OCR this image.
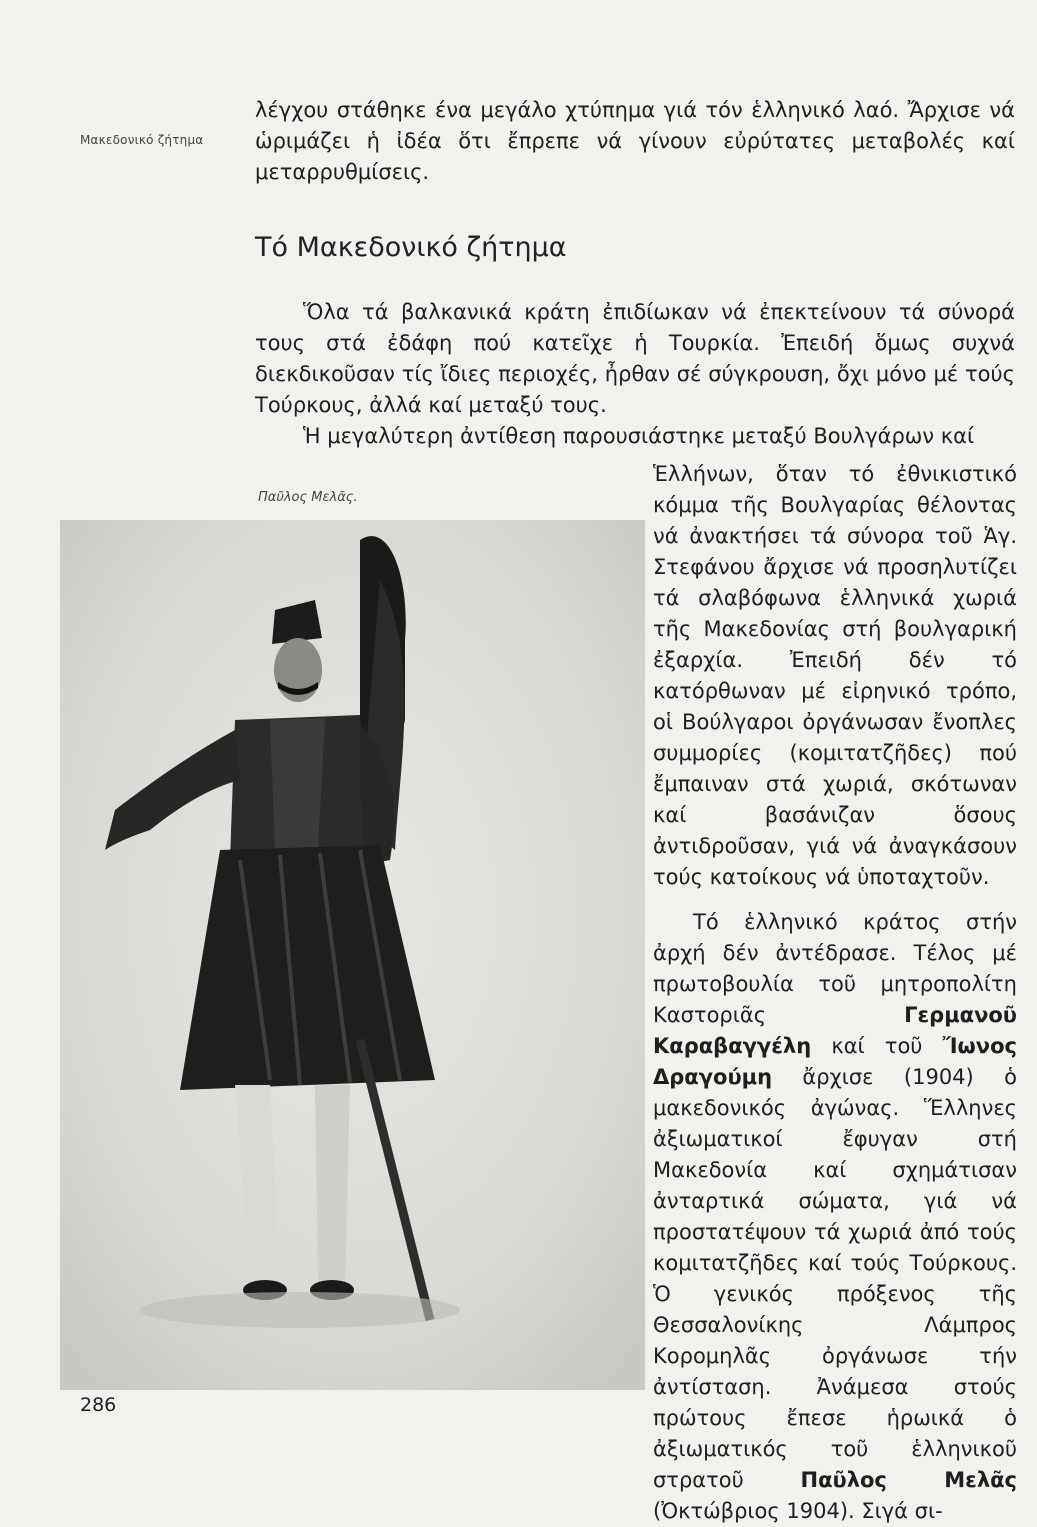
Μακεδονικό ζήτημα

λέγχου στάθηκε ένα μεγάλο χτύπημα γιά τόν ἑλληνικό λαό. Ἄρχισε νά ὡριμάζει ἡ ἰδέα ὅτι ἔπρεπε νά γίνουν εὐρύτατες μεταβολές καί μεταρρυθμίσεις.

Τό Μακεδονικό ζήτημα

Ὅλα τά βαλκανικά κράτη ἐπιδίωκαν νά ἐπεκτείνουν τά σύνορά τους στά ἐδάφη πού κατεῖχε ἡ Τουρκία. Ἐπειδή ὅμως συχνά διεκδικοῦσαν τίς ἴδιες περιοχές, ἦρθαν σέ σύγκρουση, ὄχι μόνο μέ τούς Τούρκους, ἀλλά καί μεταξύ τους.

Ἡ μεγαλύτερη ἀντίθεση παρουσιάστηκε μεταξύ Βουλγάρων καί

Παῦλος Μελᾶς.

Ἑλλήνων, ὅταν τό ἐθνικιστικό κόμμα τῆς Βουλγαρίας θέλοντας νά ἀνακτήσει τά σύνορα τοῦ Ἁγ. Στεφάνου ἄρχισε νά προσηλυτίζει τά σλαβόφωνα ἑλληνικά χωριά τῆς Μακεδονίας στή βουλγαρική ἐξαρχία. Ἐπειδή δέν τό κατόρθωναν μέ εἰρηνικό τρόπο, οἱ Βούλγαροι ὀργάνωσαν ἔνοπλες συμμορίες (κομιτατζῆδες) πού ἔμπαιναν στά χωριά, σκότωναν καί βασάνιζαν ὅσους ἀντιδροῦσαν, γιά νά ἀναγκάσουν τούς κατοίκους νά ὑποταχτοῦν.

Τό ἑλληνικό κράτος στήν ἀρχή δέν ἀντέδρασε. Τέλος μέ πρωτοβουλία τοῦ μητροπολίτη Καστοριᾶς Γερμανοῦ Καραβαγγέλη καί τοῦ Ἴωνος Δραγούμη ἄρχισε (1904) ὁ μακεδονικός ἀγώνας. Ἕλληνες ἀξιωματικοί ἔφυγαν στή Μακεδονία καί σχημάτισαν ἀνταρτικά σώματα, γιά νά προστατέψουν τά χωριά ἀπό τούς κομιτατζῆδες καί τούς Τούρκους. Ὁ γενικός πρόξενος τῆς Θεσσαλονίκης Λάμπρος Κορομηλᾶς ὀργάνωσε τήν ἀντίσταση. Ἀνάμεσα στούς πρώτους ἔπεσε ἡρωικά ὁ ἀξιωματικός τοῦ ἑλληνικοῦ στρατοῦ Παῦλος Μελᾶς (Ὀκτώβριος 1904). Σιγά σι-

286
